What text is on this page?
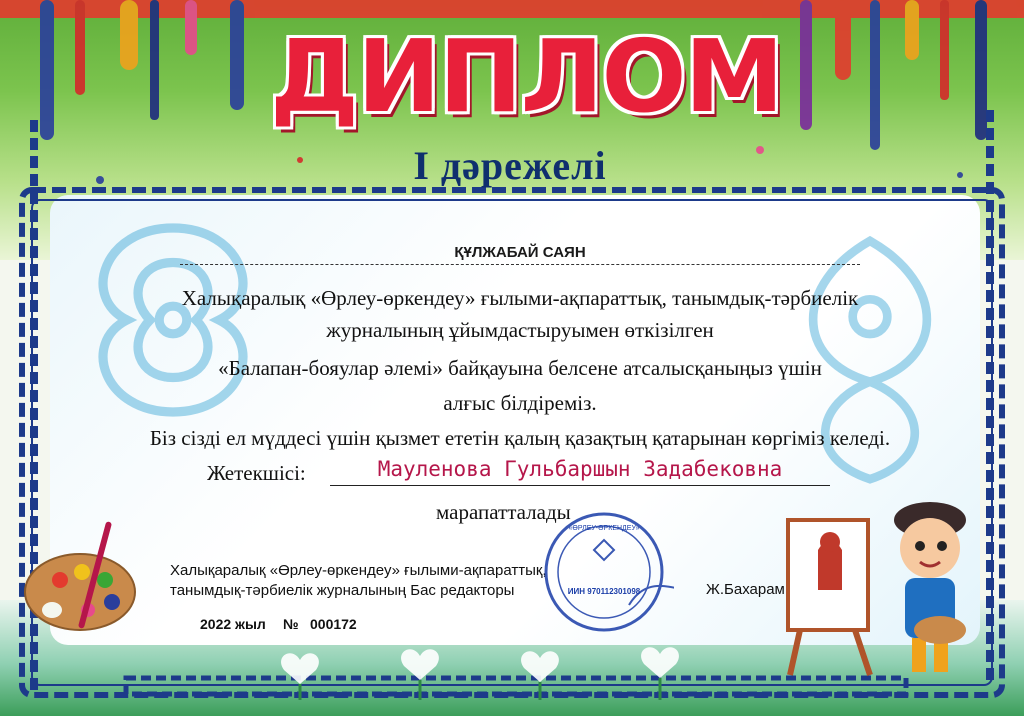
ДИПЛОМ
І дәрежелі
ҚҰЛЖАБАЙ САЯН
Халықаралық «Өрлеу-өркендеу» ғылыми-ақпараттық, танымдық-тәрбиелік
журналының ұйымдастыруымен өткізілген
«Балапан-бояулар әлемі» байқауына белсене атсалысқаныңыз үшін
алғыс білдіреміз.
Біз сізді ел мүддесі үшін қызмет ететін қалың қазақтың қатарынан көргіміз келеді.
Жетекшісі:	Мауленова Гульбаршын Задабековна
марапатталады
Халықаралық «Өрлеу-өркендеу» ғылыми-ақпараттық,
танымдық-тәрбиелік журналының Бас редакторы	Ж.Бахарам
2022 жыл № 000172
ИИН 970112301098
«ӨРЛЕУ-ӨРКЕНДЕУ»
